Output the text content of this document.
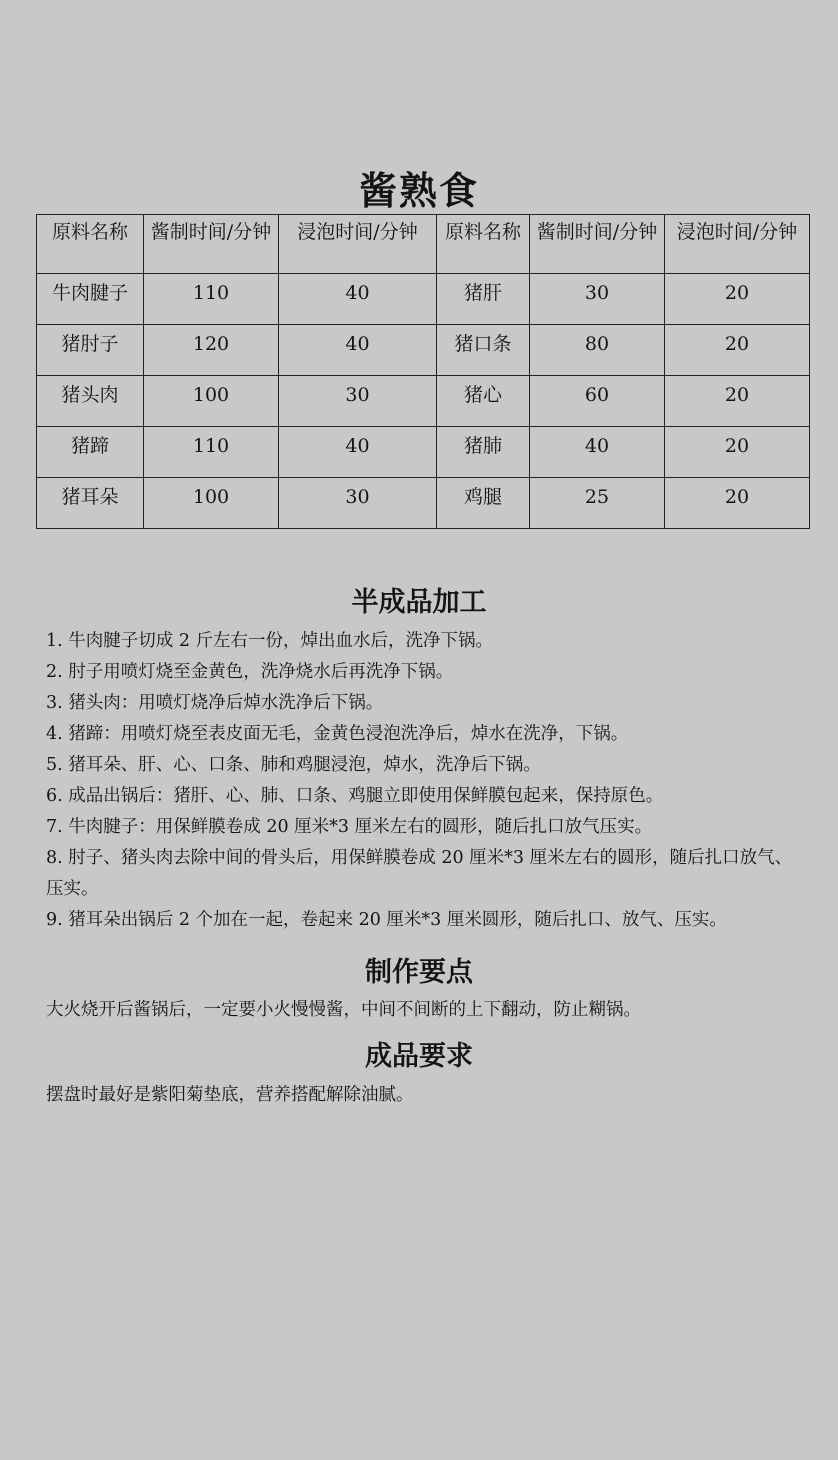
酱熟食
原料名称	酱制时间/分钟	浸泡时间/分钟	原料名称	酱制时间/分钟	浸泡时间/分钟
牛肉腱子	110	40	猪肝	30	20
猪肘子	120	40	猪口条	80	20
猪头肉	100	30	猪心	60	20
猪蹄	110	40	猪肺	40	20
猪耳朵	100	30	鸡腿	25	20
半成品加工
1. 牛肉腱子切成 2 斤左右一份，焯出血水后，洗净下锅。
2. 肘子用喷灯烧至金黄色，洗净烧水后再洗净下锅。
3. 猪头肉：用喷灯烧净后焯水洗净后下锅。
4. 猪蹄：用喷灯烧至表皮面无毛，金黄色浸泡洗净后，焯水在洗净，下锅。
5. 猪耳朵、肝、心、口条、肺和鸡腿浸泡，焯水，洗净后下锅。
6. 成品出锅后：猪肝、心、肺、口条、鸡腿立即使用保鲜膜包起来，保持原色。
7. 牛肉腱子：用保鲜膜卷成 20 厘米*3 厘米左右的圆形，随后扎口放气压实。
8. 肘子、猪头肉去除中间的骨头后，用保鲜膜卷成 20 厘米*3 厘米左右的圆形，随后扎口放气、压实。
9. 猪耳朵出锅后 2 个加在一起，卷起来 20 厘米*3 厘米圆形，随后扎口、放气、压实。
制作要点

大火烧开后酱锅后，一定要小火慢慢酱，中间不间断的上下翻动，防止糊锅。

成品要求

摆盘时最好是紫阳菊垫底，营养搭配解除油腻。
